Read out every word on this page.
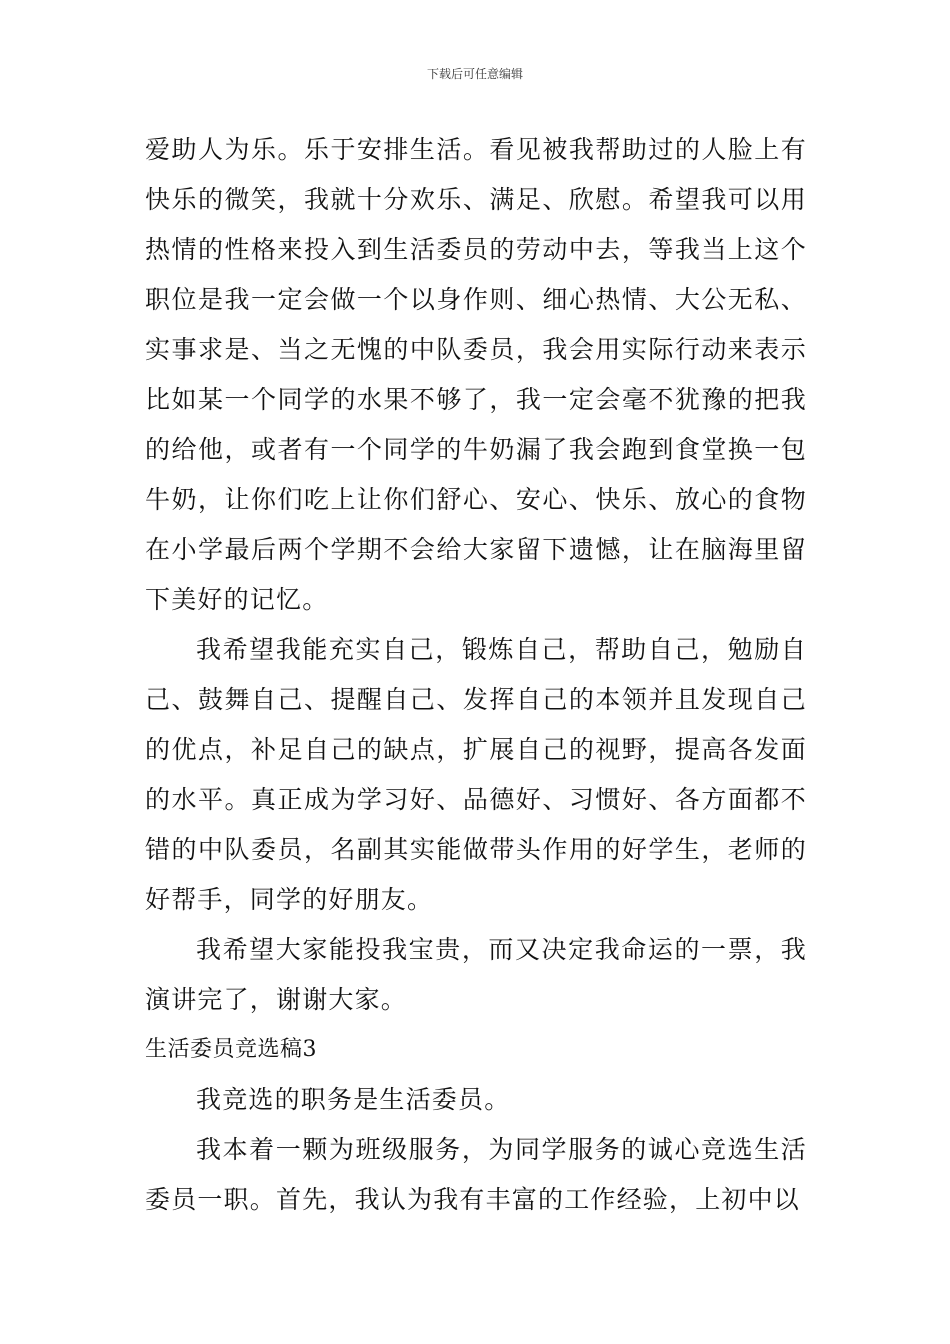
下载后可任意编辑

爱助人为乐。乐于安排生活。看见被我帮助过的人脸上有快乐的微笑，我就十分欢乐、满足、欣慰。希望我可以用热情的性格来投入到生活委员的劳动中去，等我当上这个职位是我一定会做一个以身作则、细心热情、大公无私、实事求是、当之无愧的中队委员，我会用实际行动来表示比如某一个同学的水果不够了，我一定会毫不犹豫的把我的给他，或者有一个同学的牛奶漏了我会跑到食堂换一包牛奶，让你们吃上让你们舒心、安心、快乐、放心的食物在小学最后两个学期不会给大家留下遗憾，让在脑海里留下美好的记忆。

我希望我能充实自己，锻炼自己，帮助自己，勉励自己、鼓舞自己、提醒自己、发挥自己的本领并且发现自己的优点，补足自己的缺点，扩展自己的视野，提高各发面的水平。真正成为学习好、品德好、习惯好、各方面都不错的中队委员，名副其实能做带头作用的好学生，老师的好帮手，同学的好朋友。

我希望大家能投我宝贵，而又决定我命运的一票，我演讲完了，谢谢大家。

生活委员竞选稿3

我竞选的职务是生活委员。

我本着一颗为班级服务，为同学服务的诚心竞选生活委员一职。首先，我认为我有丰富的工作经验，上初中以
